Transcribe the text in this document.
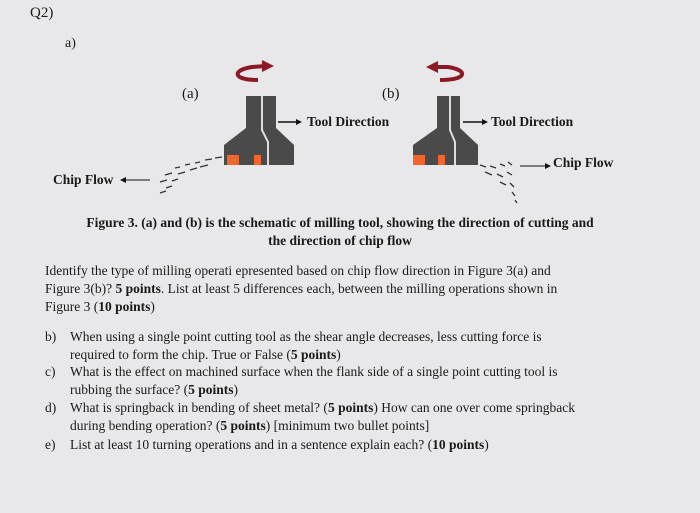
Q2)
a)
(a)	(b)
Tool Direction	Tool Direction
Chip Flow
Chip Flow
Figure 3. (a) and (b) is the schematic of milling tool, showing the direction of cutting and
the direction of chip flow
Identify the type of milling operati epresented based on chip flow direction in Figure 3(a) and
Figure 3(b)? 5 points. List at least 5 differences each, between the milling operations shown in
Figure 3 (10 points)
b) When using a single point cutting tool as the shear angle decreases, less cutting force is
required to form the chip. True or False (5 points)
c) What is the effect on machined surface when the flank side of a single point cutting tool is
rubbing the surface? (5 points)
d) What is springback in bending of sheet metal? (5 points) How can one over come springback
during bending operation? (5 points) [minimum two bullet points]
e) List at least 10 turning operations and in a sentence explain each? (10 points)
